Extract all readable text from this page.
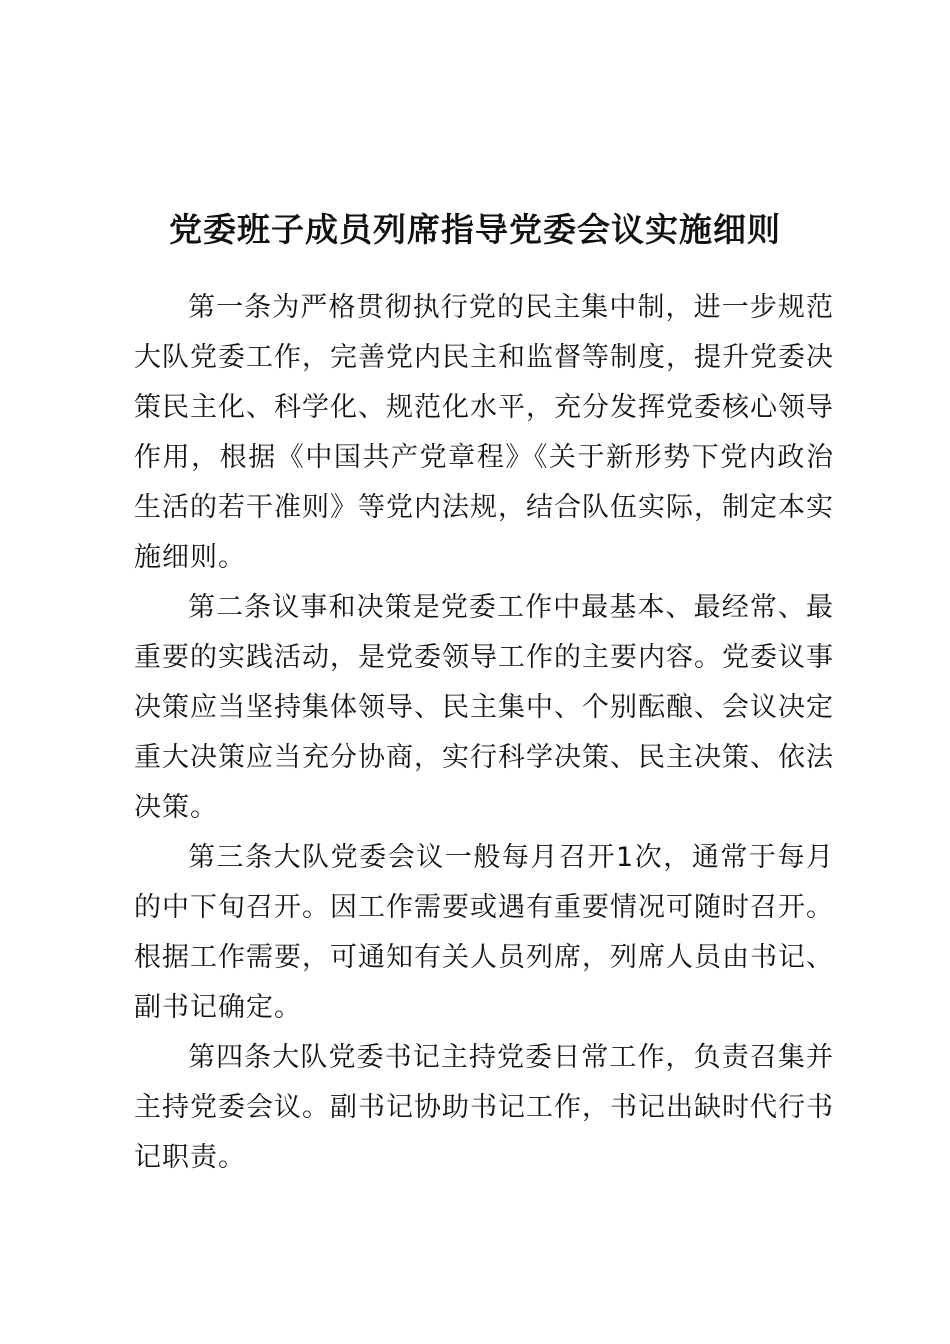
党委班子成员列席指导党委会议实施细则

第一条为严格贯彻执行党的民主集中制，进一步规范大队党委工作，完善党内民主和监督等制度，提升党委决策民主化、科学化、规范化水平，充分发挥党委核心领导作用，根据《中国共产党章程》《关于新形势下党内政治生活的若干准则》等党内法规，结合队伍实际，制定本实施细则。

第二条议事和决策是党委工作中最基本、最经常、最重要的实践活动，是党委领导工作的主要内容。党委议事决策应当坚持集体领导、民主集中、个别酝酿、会议决定重大决策应当充分协商，实行科学决策、民主决策、依法决策。

第三条大队党委会议一般每月召开1次，通常于每月的中下旬召开。因工作需要或遇有重要情况可随时召开。根据工作需要，可通知有关人员列席，列席人员由书记、副书记确定。

第四条大队党委书记主持党委日常工作，负责召集并主持党委会议。副书记协助书记工作，书记出缺时代行书记职责。
